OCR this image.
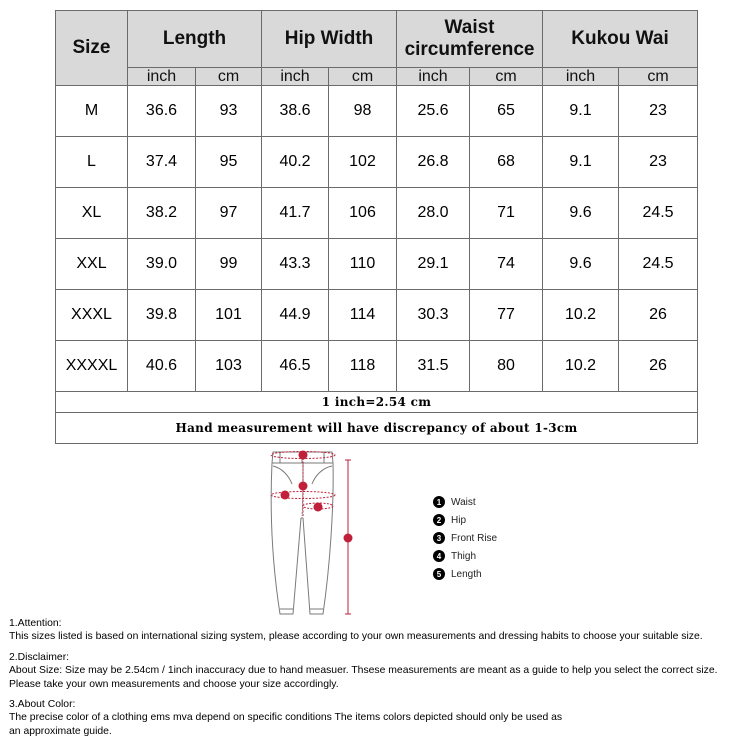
Size	Length		Hip Width		Waist
circumference		Kukou Wai	
	inch	cm	inch	cm	inch	cm	inch	cm
M	36.6	93	38.6	98	25.6	65	9.1	23
L	37.4	95	40.2	102	26.8	68	9.1	23
XL	38.2	97	41.7	106	28.0	71	9.6	24.5
XXL	39.0	99	43.3	110	29.1	74	9.6	24.5
XXXL	39.8	101	44.9	114	30.3	77	10.2	26
XXXXL	40.6	103	46.5	118	31.5	80	10.2	26
1 inch=2.54 cm								
Hand measurement will have discrepancy of about 1-3cm								
1 Waist
2 Hip
3 Front Rise
4 Thigh
5 Length

1.Attention:

This sizes listed is based on international sizing system, please according to your own measurements and dressing habits to choose your suitable size.

2.Disclaimer:

About Size: Size may be 2.54cm / 1inch inaccuracy due to hand measuer. Thsese measurements are meant as a guide to help you select the correct size.

Please take your own measurements and choose your size accordingly.

3.About Color:

The precise color of a clothing ems mva depend on specific conditions The items colors depicted should only be used as

an approximate guide.
